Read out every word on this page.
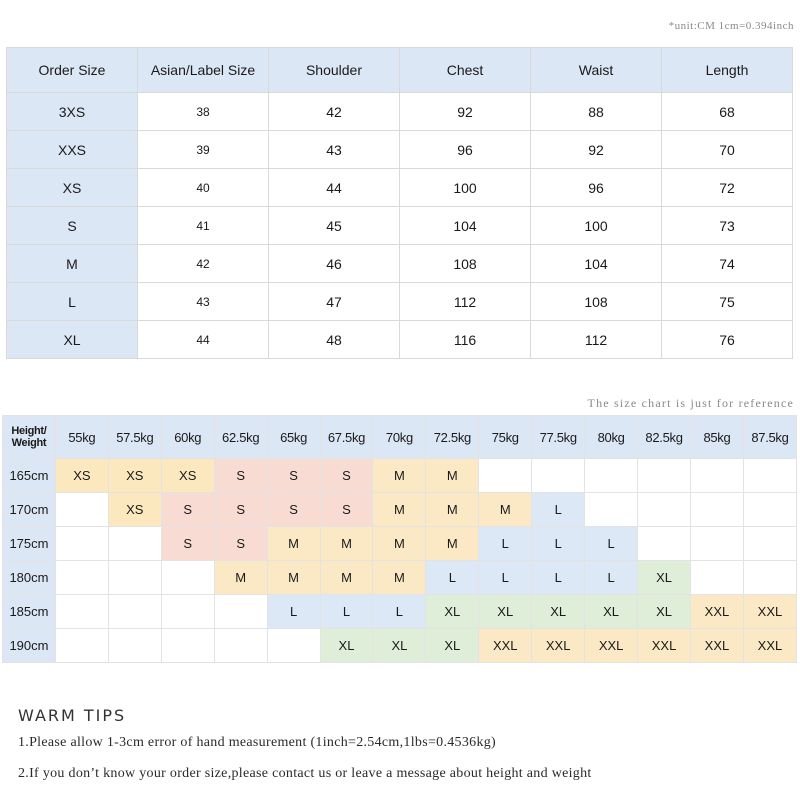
*unit:CM 1cm=0.394inch
Order Size	Asian/Label Size	Shoulder	Chest	Waist	Length
3XS	38	42	92	88	68
XXS	39	43	96	92	70
XS	40	44	100	96	72
S	41	45	104	100	73
M	42	46	108	104	74
L	43	47	112	108	75
XL	44	48	116	112	76
The size chart is just for reference
Height/ Weight	55kg	57.5kg	60kg	62.5kg	65kg	67.5kg	70kg	72.5kg	75kg	77.5kg	80kg	82.5kg	85kg	87.5kg
165cm	XS	XS	XS	S	S	S	M	M						
170cm		XS	S	S	S	S	M	M	M	L				
175cm			S	S	M	M	M	M	L	L	L			
180cm				M	M	M	M	L	L	L	L	XL		
185cm					L	L	L	XL	XL	XL	XL	XL	XXL	XXL
190cm						XL	XL	XL	XXL	XXL	XXL	XXL	XXL	XXL
WARM TIPS
1.Please allow 1-3cm error of hand measurement (1inch=2.54cm,1lbs=0.4536kg)
2.If you don’t know your order size,please contact us or leave a message about height and weight
